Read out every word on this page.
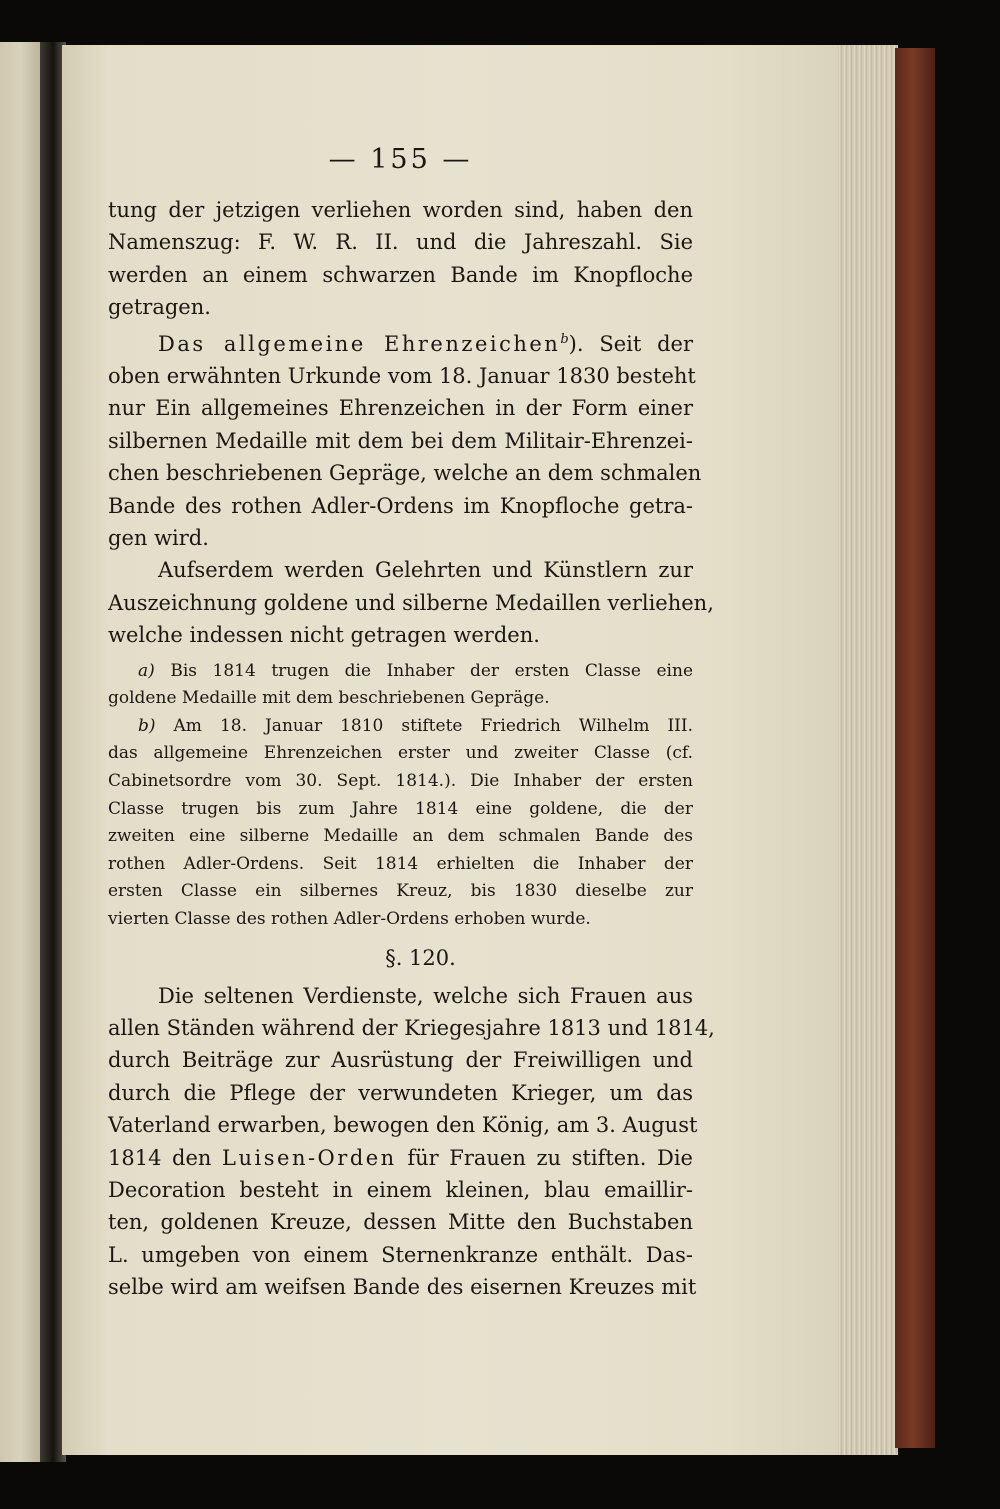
— 155 —
tung der jetzigen verliehen worden sind, haben den
Namenszug: F. W. R. II. und die Jahreszahl. Sie
werden an einem schwarzen Bande im Knopfloche
getragen.
Das allgemeine Ehrenzeichen$^b$). Seit der
oben erwähnten Urkunde vom 18. Januar 1830 besteht
nur Ein allgemeines Ehrenzeichen in der Form einer
silbernen Medaille mit dem bei dem Militair-Ehrenzei-
chen beschriebenen Gepräge, welche an dem schmalen
Bande des rothen Adler-Ordens im Knopfloche getra-
gen wird.
Aufserdem werden Gelehrten und Künstlern zur
Auszeichnung goldene und silberne Medaillen verliehen,
welche indessen nicht getragen werden.
a) Bis 1814 trugen die Inhaber der ersten Classe eine
goldene Medaille mit dem beschriebenen Gepräge.
b) Am 18. Januar 1810 stiftete Friedrich Wilhelm III.
das allgemeine Ehrenzeichen erster und zweiter Classe (cf.
Cabinetsordre vom 30. Sept. 1814.). Die Inhaber der ersten
Classe trugen bis zum Jahre 1814 eine goldene, die der
zweiten eine silberne Medaille an dem schmalen Bande des
rothen Adler-Ordens. Seit 1814 erhielten die Inhaber der
ersten Classe ein silbernes Kreuz, bis 1830 dieselbe zur
vierten Classe des rothen Adler-Ordens erhoben wurde.
§. 120.
Die seltenen Verdienste, welche sich Frauen aus
allen Ständen während der Kriegesjahre 1813 und 1814,
durch Beiträge zur Ausrüstung der Freiwilligen und
durch die Pflege der verwundeten Krieger, um das
Vaterland erwarben, bewogen den König, am 3. August
1814 den Luisen-Orden für Frauen zu stiften. Die
Decoration besteht in einem kleinen, blau emaillir-
ten, goldenen Kreuze, dessen Mitte den Buchstaben
L. umgeben von einem Sternenkranze enthält. Das-
selbe wird am weifsen Bande des eisernen Kreuzes mit
